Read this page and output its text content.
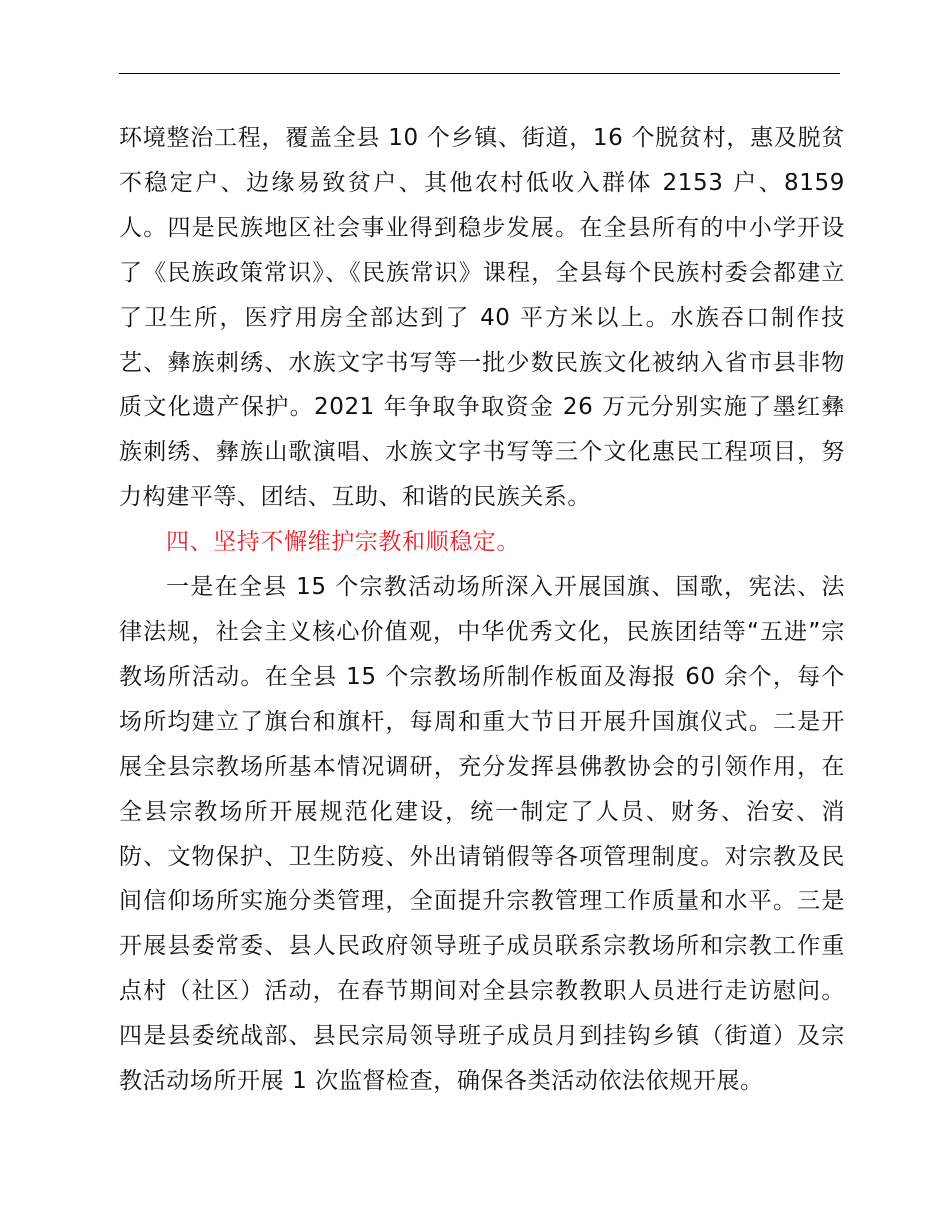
环境整治工程，覆盖全县 10 个乡镇、街道，16 个脱贫村，惠及脱贫不稳定户、边缘易致贫户、其他农村低收入群体 2153 户、8159 人。四是民族地区社会事业得到稳步发展。在全县所有的中小学开设了《民族政策常识》、《民族常识》课程，全县每个民族村委会都建立了卫生所，医疗用房全部达到了 40 平方米以上。水族吞口制作技艺、彝族刺绣、水族文字书写等一批少数民族文化被纳入省市县非物质文化遗产保护。2021 年争取争取资金 26 万元分别实施了墨红彝族刺绣、彝族山歌演唱、水族文字书写等三个文化惠民工程项目，努力构建平等、团结、互助、和谐的民族关系。

四、坚持不懈维护宗教和顺稳定。

一是在全县 15 个宗教活动场所深入开展国旗、国歌，宪法、法律法规，社会主义核心价值观，中华优秀文化，民族团结等“五进”宗教场所活动。在全县 15 个宗教场所制作板面及海报 60 余个，每个场所均建立了旗台和旗杆，每周和重大节日开展升国旗仪式。二是开展全县宗教场所基本情况调研，充分发挥县佛教协会的引领作用，在全县宗教场所开展规范化建设，统一制定了人员、财务、治安、消防、文物保护、卫生防疫、外出请销假等各项管理制度。对宗教及民间信仰场所实施分类管理，全面提升宗教管理工作质量和水平。三是开展县委常委、县人民政府领导班子成员联系宗教场所和宗教工作重点村（社区）活动，在春节期间对全县宗教教职人员进行走访慰问。四是县委统战部、县民宗局领导班子成员月到挂钩乡镇（街道）及宗教活动场所开展 1 次监督检查，确保各类活动依法依规开展。
